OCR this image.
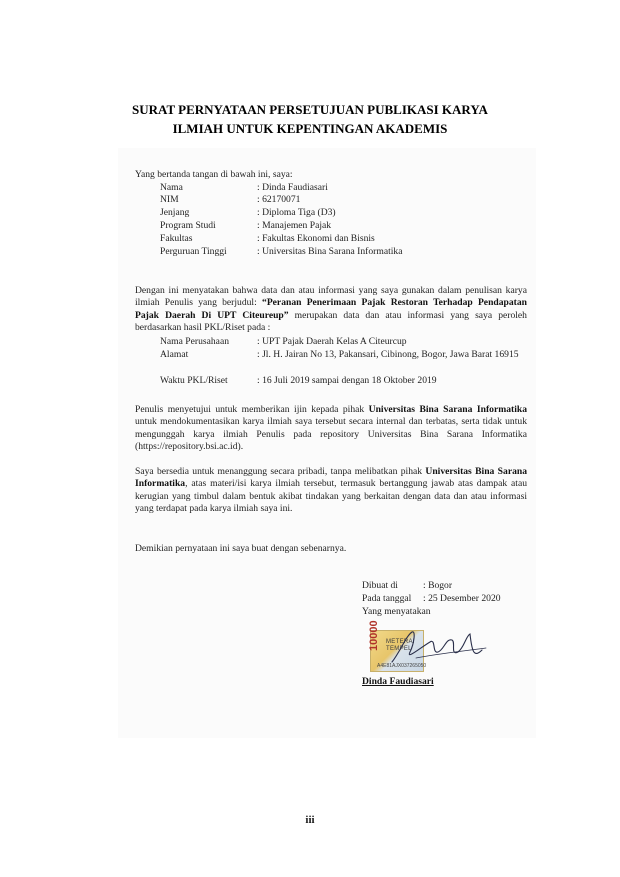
SURAT PERNYATAAN PERSETUJUAN PUBLIKASI KARYA
ILMIAH UNTUK KEPENTINGAN AKADEMIS
Yang bertanda tangan di bawah ini, saya:
Nama	: Dinda Faudiasari
NIM	: 62170071
Jenjang	: Diploma Tiga (D3)
Program Studi	: Manajemen Pajak
Fakultas	: Fakultas Ekonomi dan Bisnis
Perguruan Tinggi	: Universitas Bina Sarana Informatika
Dengan ini menyatakan bahwa data dan atau informasi yang saya gunakan dalam penulisan karya ilmiah Penulis yang berjudul: “Peranan Penerimaan Pajak Restoran Terhadap Pendapatan Pajak Daerah Di UPT Citeureup” merupakan data dan atau informasi yang saya peroleh berdasarkan hasil PKL/Riset pada :
Nama Perusahaan	: UPT Pajak Daerah Kelas A Citeurcup
Alamat	: Jl. H. Jairan No 13, Pakansari, Cibinong, Bogor, Jawa Barat 16915
Waktu PKL/Riset	: 16 Juli 2019 sampai dengan 18 Oktober 2019
Penulis menyetujui untuk memberikan ijin kepada pihak Universitas Bina Sarana Informatika untuk mendokumentasikan karya ilmiah saya tersebut secara internal dan terbatas, serta tidak untuk mengunggah karya ilmiah Penulis pada repository Universitas Bina Sarana Informatika (https://repository.bsi.ac.id).
Saya bersedia untuk menanggung secara pribadi, tanpa melibatkan pihak Universitas Bina Sarana Informatika, atas materi/isi karya ilmiah tersebut, termasuk bertanggung jawab atas dampak atau kerugian yang timbul dalam bentuk akibat tindakan yang berkaitan dengan data dan atau informasi yang terdapat pada karya ilmiah saya ini.
Demikian pernyataan ini saya buat dengan sebenarnya.
Dibuat di	: Bogor
Pada tanggal : 25 Desember 2020
Yang menyatakan
10000 METERAI
TEMPEL
A4E81AJX037265050
Dinda Faudiasari
iii
